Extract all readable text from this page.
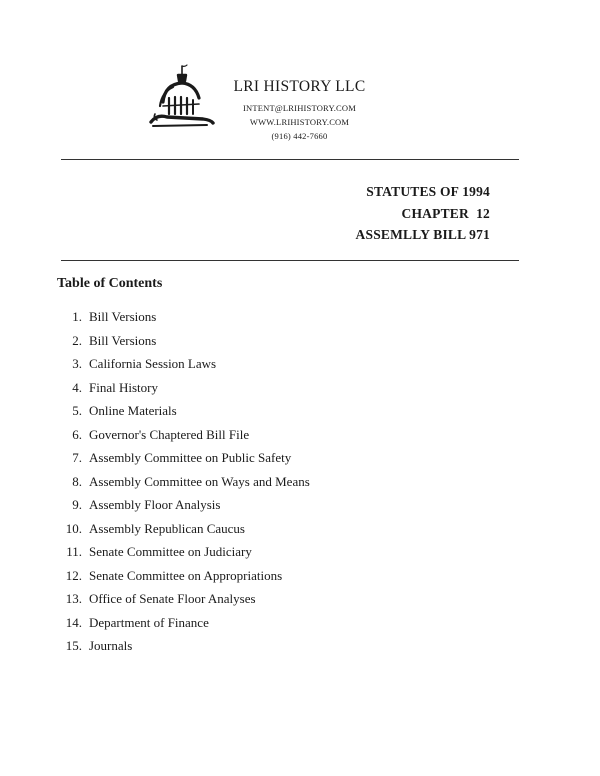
LRI HISTORY LLC
INTENT@LRIHISTORY.COM
WWW.LRIHISTORY.COM
(916) 442-7660
STATUTES OF 1994
CHAPTER  12
ASSEMLLY BILL 971
Table of Contents
1. Bill Versions
2. Bill Versions
3. California Session Laws
4. Final History
5. Online Materials
6. Governor's Chaptered Bill File
7. Assembly Committee on Public Safety
8. Assembly Committee on Ways and Means
9. Assembly Floor Analysis
10. Assembly Republican Caucus
11. Senate Committee on Judiciary
12. Senate Committee on Appropriations
13. Office of Senate Floor Analyses
14. Department of Finance
15. Journals
